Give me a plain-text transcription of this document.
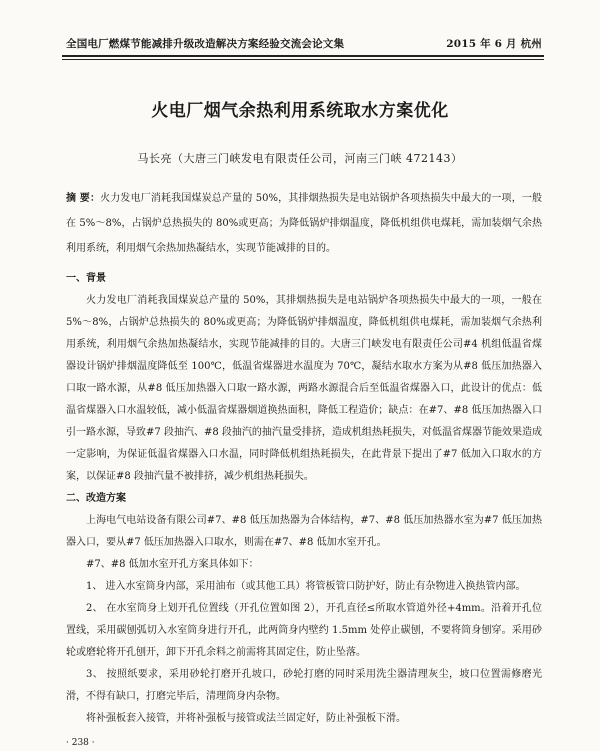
全国电厂燃煤节能减排升级改造解决方案经验交流会论文集	2015 年 6 月 杭州
火电厂烟气余热利用系统取水方案优化
马长亮（大唐三门峡发电有限责任公司，河南三门峡 472143）
摘 要：火力发电厂消耗我国煤炭总产量的 50%，其排烟热损失是电站锅炉各项热损失中最大的一项，一般在 5%～8%，占锅炉总热损失的 80%或更高；为降低锅炉排烟温度，降低机组供电煤耗，需加装烟气余热利用系统，利用烟气余热加热凝结水，实现节能减排的目的。
一、背景
火力发电厂消耗我国煤炭总产量的 50%，其排烟热损失是电站锅炉各项热损失中最大的一项，一般在 5%～8%，占锅炉总热损失的 80%或更高；为降低锅炉排烟温度，降低机组供电煤耗，需加装烟气余热利用系统，利用烟气余热加热凝结水，实现节能减排的目的。大唐三门峡发电有限责任公司#4 机组低温省煤器设计锅炉排烟温度降低至 100℃，低温省煤器进水温度为 70℃，凝结水取水方案为从#8 低压加热器入口取一路水源，从#8 低压加热器入口取一路水源，两路水源混合后至低温省煤器入口，此设计的优点：低温省煤器入口水温较低，减小低温省煤器烟道换热面积，降低工程造价；缺点：在#7、#8 低压加热器入口引一路水源，导致#7 段抽汽、#8 段抽汽的抽汽量受排挤，造成机组热耗损失，对低温省煤器节能效果造成一定影响，为保证低温省煤器入口水温，同时降低机组热耗损失，在此背景下提出了#7 低加入口取水的方案，以保证#8 段抽汽量不被排挤，减少机组热耗损失。
二、改造方案
上海电气电站设备有限公司#7、#8 低压加热器为合体结构，#7、#8 低压加热器水室为#7 低压加热器入口，要从#7 低压加热器入口取水，则需在#7、#8 低加水室开孔。
#7、#8 低加水室开孔方案具体如下：
1、 进入水室筒身内部，采用油布（或其他工具）将管板管口防护好，防止有杂物进入换热管内部。
2、 在水室筒身上划开孔位置线（开孔位置如图 2），开孔直径≤所取水管道外径+4mm。沿着开孔位置线，采用碳刨弧切入水室筒身进行开孔，此两筒身内壁约 1.5mm 处停止碳刨，不要将筒身刨穿。采用砂轮或磨轮将开孔刨开，卸下开孔余料之前需将其固定住，防止坠落。
3、 按照纸要求，采用砂轮打磨开孔坡口，砂轮打磨的同时采用洗尘器清理灰尘，坡口位置需修磨光滑，不得有缺口，打磨完毕后，清理筒身内杂物。
将补强板套入接管，并将补强板与接管或法兰固定好，防止补强板下滑。
· 238 ·
